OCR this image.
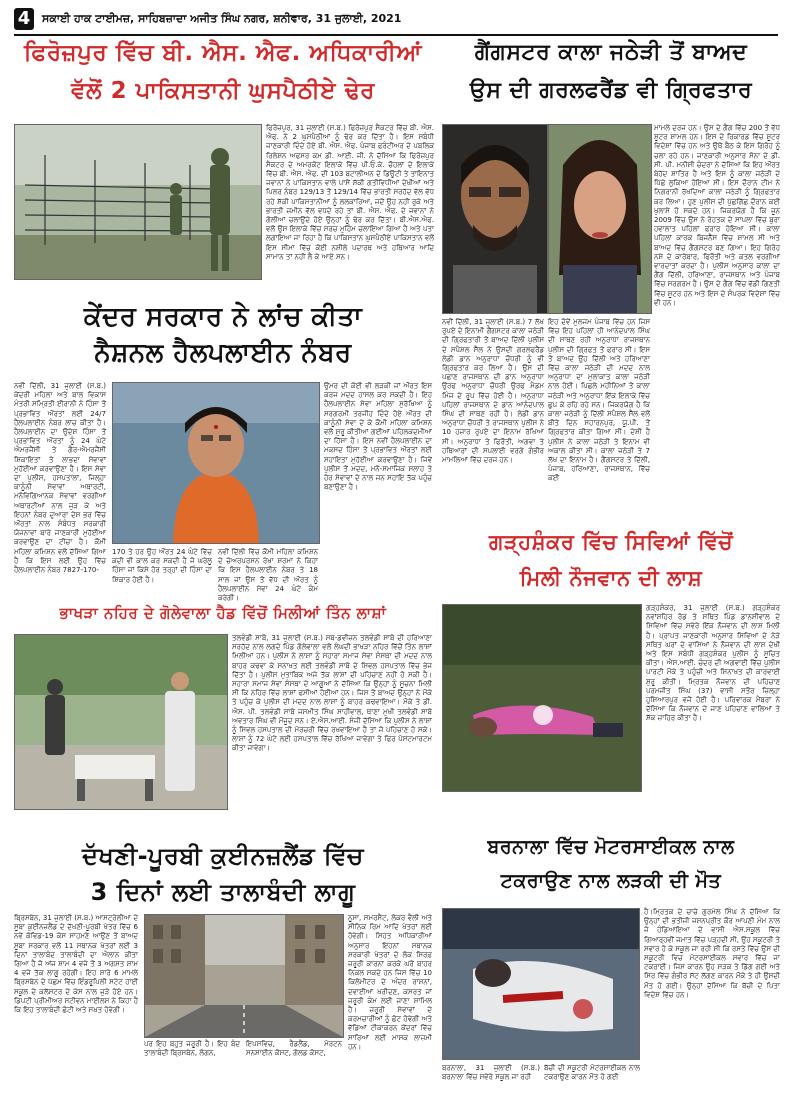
4	ਸਕਾਈ ਹਾਕ ਟਾਈਮਜ਼, ਸਾਹਿਬਜ਼ਾਦਾ ਅਜੀਤ ਸਿੰਘ ਨਗਰ, ਸ਼ਨੀਵਾਰ, 31 ਜੁਲਾਈ, 2021
ਫਿਰੋਜ਼ਪੁਰ ਵਿੱਚ ਬੀ. ਐਸ. ਐਫ. ਅਧਿਕਾਰੀਆਂ
ਵੱਲੋਂ 2 ਪਾਕਿਸਤਾਨੀ ਘੁਸਪੈਠੀਏ ਢੇਰ
ਫਿਰੋਜ਼ਪੁਰ, 31 ਜੁਲਾਈ (ਸ.ਬ.) ਫਿਰੋਜ਼ਪੁਰ ਸੈਕਟਰ ਵਿੱਚ ਬੀ. ਐਸ. ਐਫ. ਨੇ 2 ਘੁਸਪੈਠੀਆਂ ਨੂੰ ਢੇਰ ਕਰ ਦਿੱਤਾ ਹੈ। ਇਸ ਸਬੰਧੀ ਜਾਣਕਾਰੀ ਦਿੰਦੇ ਹੋਏ ਬੀ. ਐਸ. ਐਫ. ਪੰਜਾਬ ਫਰੰਟੀਅਰ ਦੇ ਪਬਲਿਕ ਰਿਲੇਸ਼ਨ ਅਫਸਰ ਕਮ ਡੀ. ਆਈ. ਜੀ. ਨੇ ਦੱਸਿਆ ਕਿ ਫਿਰੋਜ਼ਪੁਰ ਸੈਕਟਰ ਦੇ ਅਮਰਕੋਟ ਇਲਾਕੇ ਵਿੱਚ ਪੀ.ਓ.ਕੇ. ਚੌਹਲਾਂ ਦੇ ਇਲਾਕੇ ਵਿੱਚ ਬੀ. ਐਸ. ਐਫ. ਦੀ 103 ਬਟਾਲੀਅਨ ਦੇ ਡਿਊਟੀ ਤੇ ਤਾਇਨਾਤ ਜਵਾਨਾਂ ਨੇ ਪਾਕਿਸਤਾਨ ਵਾਲੇ ਪਾਸੋਂ ਸ਼ੱਕੀ ਗਤੀਵਿਧੀਆਂ ਦੇਖੀਆਂ ਅਤੇ ਪਿਲਰ ਨੰਬਰ 129/13 ਤੋਂ 129/14 ਵਿੱਚ ਭਾਰਤੀ ਸਰਹੱਦ ਵੱਲ ਵੱਧ ਰਹੇ ਸ਼ੱਕੀ ਪਾਕਿਸਤਾਨੀਆਂ ਨੂੰ ਲਲਕਾਰਿਆ, ਜਦੋਂ ਉਹ ਨਹੀਂ ਰੁਕੇ ਅਤੇ ਭਾਰਤੀ ਜ਼ਮੀਨ ਵੱਲ ਵਧਦੇ ਰਹੇ ਤਾਂ ਬੀ. ਐਸ. ਐਫ. ਦੇ ਜਵਾਨਾਂ ਨੇ ਗੋਲੀਆਂ ਚਲਾਉਂਦੇ ਹੋਏ ਉਨ੍ਹਾਂ ਨੂੰ ਢੇਰ ਕਰ ਦਿੱਤਾ। ਬੀ.ਐਸ.ਐਫ. ਵਲੋਂ ਉਸ ਇਲਾਕੇ ਵਿੱਚ ਸਰਚ ਮੁਹਿੰਮ ਚਲਾਇਆ ਗਿਆ ਹੈ ਅਤੇ ਪਤਾ ਲਗਾਇਆ ਜਾ ਰਿਹਾ ਹੈ ਕਿ ਪਾਕਿਸਤਾਨ ਘੁਸਪੈਠੀਏ ਪਾਕਿਸਤਾਨ ਵਲੋਂ ਇਸ ਸੀਮਾ ਵਿੱਚ ਕੋਈ ਨਸ਼ੀਲੇ ਪਦਾਰਥ ਅਤੇ ਹਥਿਆਰ ਆਦਿ ਸਾਮਾਨ ਤਾਂ ਨਹੀਂ ਲੈ ਕੇ ਆਏ ਸਨ।
ਗੈਂਗਸਟਰ ਕਾਲਾ ਜਠੇੜੀ ਤੋਂ ਬਾਅਦ
ਉਸ ਦੀ ਗਰਲਫਰੈਂਡ ਵੀ ਗ੍ਰਿਫਤਾਰ
ਮਾਮਲੇ ਦਰਜ ਹਨ। ਉਸ ਦੇ ਗੈਂਗ ਵਿੱਚ 200 ਤੋਂ ਵੱਧ ਸ਼ੂਟਰ ਸ਼ਾਮਲ ਹਨ। ਇਸ ਦੇ ਰਿਕਾਰਡ ਵਿੱਚ ਸ਼ੂਟਰ ਵਿਦੇਸ਼ਾਂ ਵਿੱਚ ਹਨ ਅਤੇ ਉਥੋਂ ਬੈਠ ਕੇ ਇਸ ਗਿਰੋਹ ਨੂੰ ਚਲਾ ਰਹੇ ਹਨ। ਜਾਣਕਾਰੀ ਅਨੁਸਾਰ ਸੋਨਾ ਦੇ ਡੀ. ਸੀ. ਪੀ. ਮਨੀਸ਼ੀ ਚੰਦਰਾ ਨੇ ਦੱਸਿਆ ਕਿ ਇਹ ਔਰਤ ਬੇਹੱਦ ਸ਼ਾਤਿਰ ਹੈ ਅਤੇ ਇਸ ਨੂੰ ਕਾਲਾ ਜਠੇੜੀ ਦੇ ਪਿੱਛੇ ਲੁਕਿਆ ਹੋਇਆ ਸੀ। ਇਸ ਦੌਰਾਨ ਟੀਮ ਨੇ ਨਿਗਰਾਨੀ ਰੱਖਦਿਆਂ ਕਾਲਾ ਜਠੇੜੀ ਨੂੰ ਗ੍ਰਿਫਤਾਰ ਕਰ ਲਿਆ। ਹੁਣ ਪੁਲੀਸ ਦੀ ਪੁੱਛਗਿੱਛ ਦੌਰਾਨ ਕਈ ਖੁਲਾਸੇ ਹੋ ਸਕਦੇ ਹਨ। ਜਿਕਰਯੋਗ ਹੈ ਕਿ ਜੂਨ 2009 ਵਿੱਚ ਉਸ ਨੇ ਰੋਹਤਕ ਦੇ ਸਾਪਲਾ ਵਿੱਚ ਬੁਰਾ ਹਵਾਲਾਤ ਪਹਿਲਾਂ ਫਰਾਰ ਹੋਇਆ ਸੀ। ਕਾਲਾ ਪਹਿਲਾਂ ਕਾਰਕ ਬਿਜਨੈੱਸ ਵਿੱਚ ਸ਼ਾਮਲ ਸੀ ਅਤੇ ਬਾਅਦ ਵਿੱਚ ਗੈਂਗਸਟਰ ਬਣ ਗਿਆ। ਇਹ ਗਿਰੋਹ ਨਸ਼ੇ ਦੇ ਕਾਰੋਬਾਰ, ਫਿਰੌਤੀ ਅਤੇ ਕਤਲ ਵਰਗੀਆਂ ਵਾਰਦਾਤਾਂ ਕਰਦਾ ਹੈ। ਪੁਲੀਸ ਅਨੁਸਾਰ ਕਾਲਾ ਦਾ ਗੈਂਗ ਦਿੱਲੀ, ਹਰਿਆਣਾ, ਰਾਜਸਥਾਨ ਅਤੇ ਪੰਜਾਬ ਵਿੱਚ ਸਰਗਰਮ ਹੈ। ਉਸ ਦੇ ਗੈਂਗ ਵਿੱਚ ਵੱਡੀ ਗਿਣਤੀ ਵਿੱਚ ਸ਼ੂਟਰ ਹਨ ਅਤੇ ਇਸ ਦੇ ਸੰਪਰਕ ਵਿਦੇਸ਼ਾਂ ਵਿੱਚ ਵੀ ਹਨ।
ਨਵੀਂ ਦਿੱਲੀ, 31 ਜੁਲਾਈ (ਸ.ਬ.) 7 ਲੱਖ ਰੁਪਏ ਦੇ ਇਨਾਮੀ ਗੈਂਗਸਟਰ ਕਾਲਾ ਜਠੇੜੀ ਦੀ ਗ੍ਰਿਫਤਾਰੀ ਤੋਂ ਬਾਅਦ ਦਿੱਲੀ ਪੁਲੀਸ ਦੇ ਸਪੈਸ਼ਲ ਸੈੱਲ ਨੇ ਉਸਦੀ ਗਰਲਫਰੈਂਡ ਲੇਡੀ ਡਾਨ ਅਨੁਰਾਧਾ ਚੌਧਰੀ ਨੂੰ ਵੀ ਗ੍ਰਿਫਤਾਰ ਕਰ ਲਿਆ ਹੈ। ਉਸ ਦੀ ਪਛਾਣ ਰਾਜਸਥਾਨ ਦੀ ਡਾਨ ਅਨੁਰਾਧਾ ਉਰਫ ਅਨੁਰਾਧਾ ਚੌਧਰੀ ਉਰਫ ਮੈਡਮ ਮਿੰਜ ਦੇ ਰੂਪ ਵਿੱਚ ਹੋਈ ਹੈ। ਅਨੁਰਾਧਾ ਪਹਿਲਾਂ ਰਾਜਸਥਾਨ ਦੇ ਡਾਨ ਆਨੰਦਪਾਲ ਸਿੰਘ ਦੀ ਸਾਥਣ ਰਹੀ ਹੈ। ਲੇਡੀ ਡਾਨ ਅਨੁਰਾਧਾ ਚੌਧਰੀ ਤੇ ਰਾਜਸਥਾਨ ਪੁਲੀਸ ਨੇ 10 ਹਜਾਰ ਰੁਪਏ ਦਾ ਇਨਾਮ ਰੱਖਿਆ ਸੀ। ਅਨੁਰਾਧਾ ਤੇ ਫਿਰੌਤੀ, ਅਗਵਾ ਤੇ ਹਥਿਆਰਾਂ ਦੀ ਸਪਲਾਈ ਵਰਗੇ ਗੰਭੀਰ ਮਾਮਲਿਆਂ ਵਿੱਚ ਦਰਜ ਹਨ।
ਇਹ ਦੋਵੇਂ ਮੁਲਜਮ ਪੰਜਾਬ ਵਿੱਚ ਹਨ ਜਿਸ ਵਿੱਚ ਇਹ ਪਹਿਲਾਂ ਹੀ ਆਨੰਦਪਾਲ ਸਿੰਘ ਦੀ ਸਾਥਣ ਰਹੀ ਅਨੁਰਾਧਾ ਰਾਜਸਥਾਨ ਪੁਲੀਸ ਦੀ ਗ੍ਰਿਫਤ ਤੋਂ ਫਰਾਰ ਸੀ। ਇਸ ਤੋਂ ਬਾਅਦ ਉਹ ਦਿੱਲੀ ਅਤੇ ਹਰਿਆਣਾ ਵਿੱਚ ਕਾਲਾ ਜਠੇੜੀ ਦੀ ਮਦਦ ਨਾਲ ਅਨੁਰਾਧਾ ਦਾ ਮੁਲਾਕਾਤ ਕਾਲਾ ਜਠੇੜੀ ਨਾਲ ਹੋਈ। ਪਿਛਲੇ ਮਹੀਨਿਆਂ ਤੋਂ ਕਾਲਾ ਜਠੇੜੀ ਅਤੇ ਅਨੁਰਾਧਾ ਇੱਕ ਇਲਾਕੇ ਵਿੱਚ ਛੁਪ ਕੇ ਰਹਿ ਰਹੇ ਸਨ। ਜਿਕਰਯੋਗ ਹੈ ਕਿ ਕਾਲਾ ਜਠੇੜੀ ਨੂੰ ਦਿੱਲੀ ਸਪੈਸ਼ਲ ਸੈੱਲ ਵਲੋਂ ਬੀਤੇ ਦਿਨ ਸਹਾਰਨਪੁਰ, ਯੂ.ਪੀ. ਤੋਂ ਗ੍ਰਿਫਤਾਰ ਕੀਤਾ ਗਿਆ ਸੀ। ਦੇਸ਼ੀ ਹੈ ਪੁਲੀਸ ਨੇ ਕਾਲਾ ਜਠੇੜੀ ਤੇ ਇਨਾਮ ਵੀ ਅਕਾਲ ਕੀਤਾ ਸੀ। ਕਾਲਾ ਜਠੇੜੀ ਤੇ 7 ਲੱਖ ਦਾ ਇਨਾਮ ਹੈ। ਗੈਂਗਸਟਰ ਤੇ ਦਿੱਲੀ, ਪੰਜਾਬ, ਹਰਿਆਣਾ, ਰਾਜਸਥਾਨ, ਵਿੱਚ ਕਈ
ਕੇਂਦਰ ਸਰਕਾਰ ਨੇ ਲਾਂਚ ਕੀਤਾ
ਨੈਸ਼ਨਲ ਹੈਲਪਲਾਈਨ ਨੰਬਰ
ਨਵੀਂ ਦਿੱਲੀ, 31 ਜੁਲਾਈ (ਸ.ਬ.) ਕੇਂਦਰੀ ਮਹਿਲਾ ਅਤੇ ਬਾਲ ਵਿਕਾਸ ਮੰਤਰੀ ਸਮ੍ਰਿਤੀ ਈਰਾਨੀ ਨੇ ਹਿੰਸਾ ਤੋਂ ਪ੍ਰਭਾਵਿਤ ਔਰਤਾਂ ਲਈ 24/7 ਹੈਲਪਲਾਈਨ ਨੰਬਰ ਲਾਂਚ ਕੀਤਾ ਹੈ। ਹੈਲਪਲਾਈਨ ਦਾ ਉਦੇਸ਼ ਹਿੰਸਾ ਤੋਂ ਪ੍ਰਭਾਵਿਤ ਔਰਤਾਂ ਨੂੰ 24 ਘੰਟੇ ਐਮਰਜੈਂਸੀ ਤੇ ਗੈਰ-ਐਮਰਜੈਂਸੀ ਸ਼ਿਕਾਇਤਾਂ ਤੇ ਲਾਭਦਾ ਸੇਵਾਵਾਂ ਮੁਹੱਈਆ ਕਰਵਾਉਣਾ ਹੈ। ਇਸ ਸੇਵਾ ਦਾ ਪੁਲੀਸ, ਹਸਪਤਾਲਾਂ, ਜਿਲ੍ਹਾ ਕਾਨੂੰਨੀ ਸੇਵਾਵਾਂ ਅਥਾਰਟੀ, ਮਨੋਵਿਗਿਆਨਕ ਸੇਵਾਵਾਂ ਵਰਗੀਆਂ ਅਥਾਰਟੀਆਂ ਨਾਲ ਜੁੜ ਕੇ ਅਤੇ ਇਹਨਾਂ ਨੰਬਰ ਦੁਆਰਾ ਦੇਸ਼ ਭਰ ਵਿੱਚ ਔਰਤਾਂ ਨਾਲ ਸੰਬੰਧਤ ਸਰਕਾਰੀ ਯੋਜਨਾਵਾਂ ਬਾਰੇ ਜਾਣਕਾਰੀ ਮੁਹੱਈਆ ਕਰਵਾਉਣ ਦਾ ਟੀਚਾ ਹੈ। ਕੌਮੀ ਮਹਿਲਾ ਕਮਿਸ਼ਨ ਵਲੋਂ ਦੱਸਿਆ ਗਿਆ ਹੈ ਕਿ ਇਸ ਲਈ ਉਹ ਵਿੱਚ ਹੈਲਪਲਾਈਨ ਨੰਬਰ 7827-170-
ਉਮਰ ਦੀ ਕੋਈ ਵੀ ਲੜਕੀ ਜਾਂ ਔਰਤ ਇਸ ਕਰਜ ਮਦਦ ਹਾਸਲ ਕਰ ਸਕਦੀ ਹੈ। ਇਹ ਹੈਲਪਲਾਈਨ ਸੇਵਾ ਮਹਿਲਾ ਸੁਰੱਖਿਆ ਨੂੰ ਸਰਗਰਮੀ ਤਰਜੀਹ ਦਿੰਦੇ ਹੋਏ ਔਰਤ ਦੀ ਕਾਨੂੰਨੀ ਸੇਵਾ ਦੇ ਕੇ ਕੌਮੀ ਮਹਿਲਾ ਕਮਿਸ਼ਨ ਵਲੋਂ ਸ਼ੁਰੂ ਕੀਤੀਆਂ ਗਈਆਂ ਪਹਿਲਕਦਮੀਆਂ ਦਾ ਹਿੱਸਾ ਹੈ। ਇਸ ਨਵੀਂ ਹੈਲਪਲਾਈਨ ਦਾ ਮਕਸਦ ਹਿੰਸਾ ਤੋਂ ਪ੍ਰਭਾਵਿਤ ਔਰਤਾਂ ਲਈ ਸਹਾਇਤਾ ਮੁਹੱਈਆ ਕਰਵਾਉਣਾ ਹੈ। ਜਿਵੇਂ ਪੁਲੀਸ ਤੋਂ ਮਦਦ, ਮਨੋ-ਸਮਾਜਿਕ ਸਲਾਹ ਤੇ ਹੋਰ ਸੇਵਾਵਾਂ ਦੇ ਨਾਲ ਜਨ ਸਹਾਇ ਤੱਕ ਪਹੁੰਚ ਬਣਾਉਣਾ ਹੈ।
170 ਤੇ ਹਰ ਉਹ ਔਰਤ 24 ਘੰਟੇ ਵਿੱਚ ਕਦੀ ਵੀ ਕਾਲ ਕਰ ਸਕਦੀ ਹੈ ਜੋ ਘਰੇਲੂ ਹਿੰਸਾ ਜਾਂ ਕਿਸੇ ਹੋਰ ਤਰ੍ਹਾਂ ਦੀ ਹਿੰਸਾ ਦਾ ਸ਼ਿਕਾਰ ਹੋਈ ਹੈ।
ਨਵੀਂ ਦਿੱਲੀ ਵਿੱਚ ਕੌਮੀ ਮਹਿਲਾ ਕਮਿਸ਼ਨ ਦੇ ਚੇਅਰਪਰਸਨ ਰੇਖਾ ਸ਼ਰਮਾ ਨੇ ਕਿਹਾ ਕਿ ਇਸ ਹੈਲਪਲਾਈਨ ਨੰਬਰ ਤੇ 18 ਸਾਲ ਜਾਂ ਉਸ ਤੋਂ ਵੱਧ ਦੀ ਔਰਤ ਨੂੰ ਹੈਲਪਲਾਈਨ ਸੇਵਾ 24 ਘੰਟੇ ਕੰਮ ਕਰੇਗੀ।
ਭਾਖੜਾ ਨਹਿਰ ਦੇ ਗੋਲੇਵਾਲਾ ਹੈਡ ਵਿੱਚੋਂ ਮਿਲੀਆਂ ਤਿੰਨ ਲਾਸ਼ਾਂ
ਤਲਵੰਡੀ ਸਾਬੋ, 31 ਜੁਲਾਈ (ਸ.ਬ.) ਸਬ-ਡਵੀਜ਼ਨ ਤਲਵੰਡੀ ਸਾਬੋ ਦੀ ਹਰਿਆਣਾ ਸਰਹੱਦ ਨਾਲ ਲਗਦੇ ਪਿੰਡ ਗੋਲੇਵਾਲਾ ਵਲੋਂ ਲੰਘਦੀ ਭਾਖੜਾ ਨਹਿਰ ਵਿੱਚੋਂ ਤਿੰਨ ਲਾਸ਼ਾਂ ਮਿਲੀਆਂ ਹਨ। ਪੁਲੀਸ ਨੇ ਲਾਸ਼ਾਂ ਨੂੰ ਸਹਾਰਾ ਸਮਾਜ ਸੇਵਾ ਸੰਸਥਾ ਦੀ ਮਦਦ ਨਾਲ ਬਾਹਰ ਕਢਵਾ ਕੇ ਸਨਾਖਤ ਲਈ ਤਲਵੰਡੀ ਸਾਬੋ ਦੇ ਸਿਵਲ ਹਸਪਤਾਲ ਵਿੱਚ ਭੇਜ ਦਿੱਤਾ ਹੈ। ਪੁਲੀਸ ਮੁਤਾਬਿਕ ਅਜੇ ਤੱਕ ਲਾਸ਼ਾਂ ਦੀ ਪਹਿਚਾਣ ਨਹੀਂ ਹੋ ਸਕੀ ਹੈ। ਸਹਾਰਾ ਸਮਾਜ ਸੇਵਾ ਸੰਸਥਾ ਦੇ ਆਗੂਆਂ ਨੇ ਦੱਸਿਆ ਕਿ ਉਨ੍ਹਾਂ ਨੂੰ ਸੂਚਨਾ ਮਿਲੀ ਸੀ ਕਿ ਨਹਿਰ ਵਿੱਚ ਲਾਸ਼ਾਂ ਫਸੀਆਂ ਹੋਈਆਂ ਹਨ। ਜਿਸ ਤੋਂ ਬਾਅਦ ਉਨ੍ਹਾਂ ਨੇ ਮੌਕੇ ਤੇ ਪਹੁੰਚ ਕੇ ਪੁਲੀਸ ਦੀ ਮਦਦ ਨਾਲ ਲਾਸ਼ਾਂ ਨੂੰ ਬਾਹਰ ਕਢਵਾਇਆ। ਮੌਕੇ ਤੇ ਡੀ. ਐਸ. ਪੀ. ਤਲਵੰਡੀ ਸਾਬੋ ਜਸਮੀਤ ਸਿੰਘ ਸਾਹੀਵਾਲ, ਥਾਣਾ ਮੁਖੀ ਤਲਵੰਡੀ ਸਾਬੋ ਅਵਤਾਰ ਸਿੰਘ ਵੀ ਮੌਜੂਦ ਸਨ। ਏ.ਐਸ.ਆਈ. ਸੰਜੀ ਦੱਸਿਆ ਕਿ ਪੁਲੀਸ ਨੇ ਲਾਸ਼ਾਂ ਨੂੰ ਸਿਵਲ ਹਸਪਤਾਲ ਦੀ ਮੋਰਚਰੀ ਵਿੱਚ ਰਖਵਾਇਆ ਹੈ ਤਾਂ ਜੋ ਪਹਿਚਾਣ ਹੋ ਸਕੇ। ਲਾਸ਼ਾਂ ਨੂੰ 72 ਘੰਟੇ ਲਈ ਹਸਪਤਾਲ ਵਿੱਚ ਰੱਖਿਆ ਜਾਵੇਗਾ ਤੇ ਫਿਰ ਪੋਸਟਮਾਰਟਮ ਕੀਤਾ ਜਾਵੇਗਾ।
ਗੜ੍ਹਸ਼ੰਕਰ ਵਿੱਚ ਸਿਵਿਆਂ ਵਿੱਚੋਂ
ਮਿਲੀ ਨੌਜਵਾਨ ਦੀ ਲਾਸ਼
ਗੜ੍ਹਸ਼ੰਕਰ, 31 ਜੁਲਾਈ (ਸ.ਬ.) ਗੜ੍ਹਸ਼ੰਕਰ ਨਵਾਂਸ਼ਹਿਰ ਰੋਡ ਤੇ ਸਥਿਤ ਪਿੰਡ ਡਾਨਸੀਵਾਲ ਦੇ ਸਿਵਿਆਂ ਵਿੱਚ ਸਵੇਰੇ ਇੱਕ ਨੌਜਵਾਨ ਦੀ ਲਾਸ਼ ਮਿਲੀ ਹੈ। ਪ੍ਰਾਪਤ ਜਾਣਕਾਰੀ ਅਨੁਸਾਰ ਸਿਵਿਆਂ ਦੇ ਨੇੜੇ ਸਥਿਤ ਘਰਾਂ ਦੇ ਵਾਸਿਆਂ ਨੇ ਨੌਜਵਾਨ ਦੀ ਲਾਸ਼ ਦੇਖੀ ਅਤੇ ਇਸ ਸਬੰਧੀ ਗੜ੍ਹਸ਼ੰਕਰ ਪੁਲੀਸ ਨੂੰ ਸੂਚਿਤ ਕੀਤਾ। ਐਸ.ਆਈ. ਚੰਦਰ ਦੀ ਅਗਵਾਈ ਵਿੱਚ ਪੁਲੀਸ ਪਾਰਟੀ ਮੌਕੇ ਤੇ ਪਹੁੰਚੀ ਅਤੇ ਸ਼ਿਨਾਖਤ ਦੀ ਕਾਰਵਾਈ ਸ਼ੁਰੂ ਕੀਤੀ। ਮ੍ਰਿਤਕ ਨੌਜਵਾਨ ਦੀ ਪਹਿਚਾਣ ਪਰਮਜੀਤ ਸਿੰਘ (37) ਵਾਸੀ ਸਤੌਰ ਜ਼ਿਲ੍ਹਾ ਹੁਸ਼ਿਆਰਪੁਰ ਵਜੋਂ ਹੋਈ ਹੈ। ਪਰਿਵਾਰਕ ਮੈਂਬਰਾਂ ਨੇ ਦੱਸਿਆ ਕਿ ਨੌਜਵਾਨ ਦੇ ਜਾਣ ਪਹਿਚਾਣ ਵਾਲਿਆਂ ਤੇ ਸ਼ੱਕ ਜ਼ਾਹਿਰ ਕੀਤਾ ਹੈ।
ਬਰਨਾਲਾ ਵਿੱਚ ਮੋਟਰਸਾਈਕਲ ਨਾਲ
ਟਕਰਾਉਣ ਨਾਲ ਲੜਕੀ ਦੀ ਮੌਤ
ਹੈ।ਮ੍ਰਿਤਕ ਦੇ ਚਾਚੇ ਗੁਰਮੇਲ ਸਿੰਘ ਨੇ ਦੱਸਿਆ ਕਿ ਉਨ੍ਹਾਂ ਦੀ ਭਤੀਜੀ ਜਸ਼ਨਪ੍ਰੀਤ ਕੌਰ ਆਪਣੀ ਮੰਮ ਨਾਲ ਜੋ ਹੰਡਿਆਇਆ ਦੇ ਵਾਸੀ ਐਸ.ਸਕੂਲ ਵਿੱਚ ਗਿਆਰ੍ਹਵੀਂ ਜਮਾਤ ਵਿੱਚ ਪੜ੍ਹਦੀ ਸੀ, ਉਹ ਸਕੂਟਰੀ ਤੇ ਸਵਾਰ ਹੋ ਕੇ ਸਕੂਲ ਜਾ ਰਹੀ ਸੀ ਕਿ ਰਸਤੇ ਵਿੱਚ ਉਸ ਦੀ ਸਕੂਟਰੀ ਵਿਚ ਮੋਟਰਸਾਈਕਲ ਸਵਾਰ ਵਿੱਚ ਜਾ ਟਕਰਾਈ। ਜਿਸ ਕਾਰਨ ਉਹ ਸੜਕ ਤੇ ਡਿੱਗ ਗਈ ਅਤੇ ਸਿਰ ਵਿੱਚ ਗੰਭੀਰ ਸੱਟ ਲੱਗਣ ਕਾਰਨ ਮੌਕੇ ਤੇ ਹੀ ਉਸਦੀ ਮੌਤ ਹੋ ਗਈ। ਉਨ੍ਹਾਂ ਦੱਸਿਆ ਕਿ ਬੱਚੀ ਦੇ ਪਿਤਾ ਵਿਦੇਸ਼ ਵਿੱਚ ਹਨ।
ਬਰਨਾਲਾ, 31 ਜੁਲਾਈ (ਸ.ਬ.) ਬਰਨਾਲਾ ਵਿੱਚ ਸਵੇਰੇ ਸਕੂਲ ਜਾ ਰਹੀ
ਬੱਚੀ ਦੀ ਸਕੂਟਰੀ ਮੋਟਰਸਾਈਕਲ ਨਾਲ ਟਕਰਾਉਣ ਕਾਰਨ ਮੌਤ ਹੋ ਗਈ
ਦੱਖਣੀ-ਪੂਰਬੀ ਕੁਈਨਜ਼ਲੈਂਡ ਵਿੱਚ
3 ਦਿਨਾਂ ਲਈ ਤਾਲਾਬੰਦੀ ਲਾਗੂ
ਬ੍ਰਿਸਬੇਨ, 31 ਜੁਲਾਈ (ਸ.ਬ.) ਆਸਟ੍ਰੇਲੀਆ ਦੇ ਸੂਬਾ ਕੁਈਨਜ਼ਲੈਂਡ ਦੇ ਦੱਖਣੀ-ਪੂਰਬੀ ਖੇਤਰ ਵਿੱਚ 6 ਨਵੇਂ ਕੋਵਿਡ-19 ਕੇਸ ਸਾਹਮਣੇ ਆਉਣ ਤੋਂ ਬਾਅਦ ਸੂਬਾ ਸਰਕਾਰ ਵਲੋਂ 11 ਸਥਾਨਕ ਖੇਤਰਾਂ ਲਈ 3 ਦਿਨਾਂ ਤਾਲਾਬੰਦ ਤਾਲਾਬੰਦੀ ਦਾ ਐਲਾਨ ਕੀਤਾ ਗਿਆ ਹੈ ਜੋ ਅੱਜ ਸ਼ਾਮ 4 ਵਜੇ ਤੋਂ 3 ਅਗਸਤ ਸ਼ਾਮ 4 ਵਜੇ ਤੱਕ ਲਾਗੂ ਰਹੇਗੀ। ਇਹ ਸ਼ਾਰੇ 6 ਮਾਮਲੇ ਬ੍ਰਿਸਬੇਨ ਦੇ ਪੱਛਮ ਵਿੱਚ ਇੰਡਰੂਪਿਲੀ ਸਟੇਟ ਹਾਈ ਸਕੂਲ ਦੇ ਕਲੱਸਟਰ ਦੇ ਕੇਸ ਨਾਲ ਜੁੜੇ ਹੋਏ ਹਨ। ਡਿਪਟੀ ਪ੍ਰੀਮੀਅਰ ਸਟੀਵਨ ਮਾਈਲਸ ਨੇ ਕਿਹਾ ਹੈ ਕਿ ਇਹ ਤਾਲਾਬੰਦੀ ਛੋਟੀ ਅਤੇ ਸਖ਼ਤ ਹੋਵੇਗੀ।
ਨੂਸਾ, ਸਮਰਸੈਟ, ਲੋਕਰ ਵੈਲੀ ਅਤੇ ਸੀਨਿਕ ਰਿਮ ਆਦਿ ਖੇਤਰਾਂ ਲਈ ਹੋਵੇਗੀ। ਸਿਹਤ ਅਧਿਕਾਰੀਆਂ ਅਨੁਸਾਰ ਇਹਨਾਂ ਸਥਾਨਕ ਸਰਕਾਰੀ ਖੇਤਰਾਂ ਦੇ ਲੋਕ ਸਿਰਫ਼ ਜ਼ਰੂਰੀ ਕਾਰਨਾਂ ਕਰਕੇ ਘਰੋਂ ਬਾਹਰ ਨਿਕਲ ਸਕਦੇ ਹਨ ਜਿਸ ਵਿੱਚ 10 ਕਿਲੋਮੀਟਰ ਦੇ ਅੰਦਰ ਰਾਸ਼ਨਾਂ, ਦਵਾਈਆਂ ਖਰੀਦਣ, ਕਸਰਤ ਜਾਂ ਜ਼ਰੂਰੀ ਕੰਮ ਲਈ ਜਾਣਾ ਸ਼ਾਮਿਲ ਹੈ। ਜ਼ਰੂਰੀ ਸੇਵਾਵਾਂ ਦੇ ਕਰਮਚਾਰੀਆਂ ਨੂੰ ਛੋਟ ਹੋਵੇਗੀ ਅਤੇ ਵੱਡਿਆਂ ਟੀਕਾਕਰਨ ਕੇਂਦਰਾਂ ਵਿੱਚ ਸਾਰਿਆਂ ਲਈ ਮਾਸਕ ਲਾਜ਼ਮੀ ਹਨ।
ਪਰ ਇਹ ਬਹੁਤ ਜਰੂਰੀ ਹੈ। ਇਹ ਬੰਦ ਤਾਲਾਬੰਦੀ ਬ੍ਰਿਸਬੇਨ, ਲੋਗਨ,
ਇਪਸਵਿਚ, ਰੈਡਲੈਂਡ, ਮੋਰਟਨ ਸਨਸ਼ਾਈਨ ਕੋਸਟ, ਗੋਲਡ ਕੋਸਟ,
